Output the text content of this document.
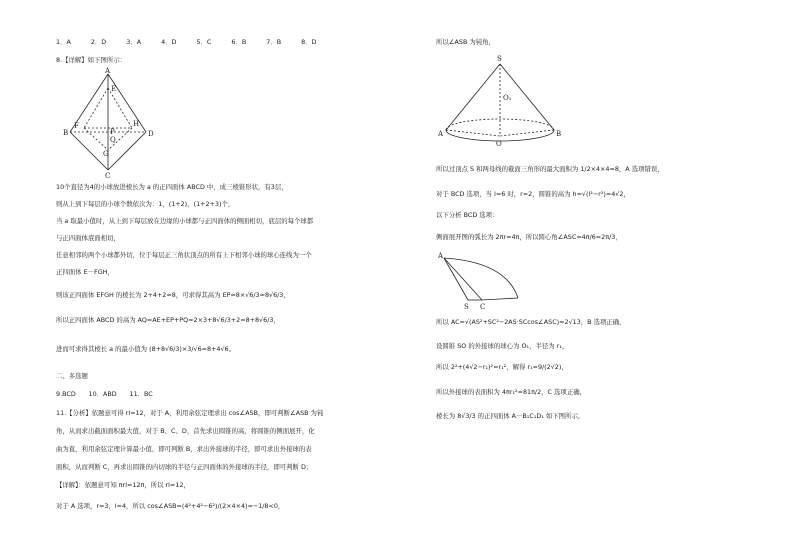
1．A	2．D	3．A	4．D	5．C	6．B	7．B	8．D
8.【详解】如下图所示：
A
E
F
B
H
D
P
Q
G
C
10个直径为4的小球放进棱长为 a 的正四面体 ABCD 中，成三棱锥形状，有3层，
则从上到下每层的小球个数依次为：1，(1+2)，(1+2+3)个，
当 a 取最小值时，从上到下每层放在边缘的小球都与正四面体的侧面相切，底层的每个球都
与正四面体底面相切，
任意相邻的两个小球都外切，位于每层正三角状顶点的所有上下相邻小球的球心连线为一个
正四面体 E－FGH，
则该正四面体 EFGH 的棱长为 2+4+2=8，可求得其高为 EP=8×√6/3=8√6/3，
所以正四面体 ABCD 的高为 AQ=AE+EP+PQ=2×3+8√6/3+2=8+8√6/3，
进而可求得其棱长 a 的最小值为 (8+8√6/3)×3/√6=8+4√6。
二、多选题
9.BCD　　10．ABD　　11．BC
11.【分析】依题意可得 rl=12，对于 A，利用余弦定理求出 cos∠ASB，即可判断∠ASB 为钝
角，从而求出截面面积最大值，对于 B、C、D，首先求出圆锥的高，将圆锥的侧面展开，化
曲为直，利用余弦定理计算最小值，即可判断 B，求出外接球的半径，即可求出外接球的表
面积，从而判断 C，再求出圆锥的内切球的半径与正四面体的外接球的半径，即可判断 D；
【详解】：依题意可知 πrl=12π，所以 rl=12，
对于 A 选项，r=3，l=4，所以 cos∠ASB=(4²+4²−6²)/(2×4×4)=−1/8<0，
所以∠ASB 为钝角，
S
O₁
A
O
B
所以过顶点 S 和两母线的截面三角形的最大面积为 1/2×4×4=8，A 选项错误，
对于 BCD 选项，当 l=6 时，r=2，圆锥的高为 h=√(l²−r²)=4√2，
以下分析 BCD 选项：
侧面展开图的弧长为 2πr=4π，所以圆心角∠ASC=4π/6=2π/3，
A
S C
所以 AC=√(AS²+SC²−2AS·SCcos∠ASC)=2√13，B 选项正确，
设圆锥 SO 的外接球的球心为 O₁，半径为 r₁，
所以 2²+(4√2−r₁)²=r₁²，解得 r₁=9/(2√2)，
所以外接球的表面积为 4πr₁²=81π/2，C 选项正确，
棱长为 8√3/3 的正四面体 A－B₁C₁D₁ 如下图所示，
